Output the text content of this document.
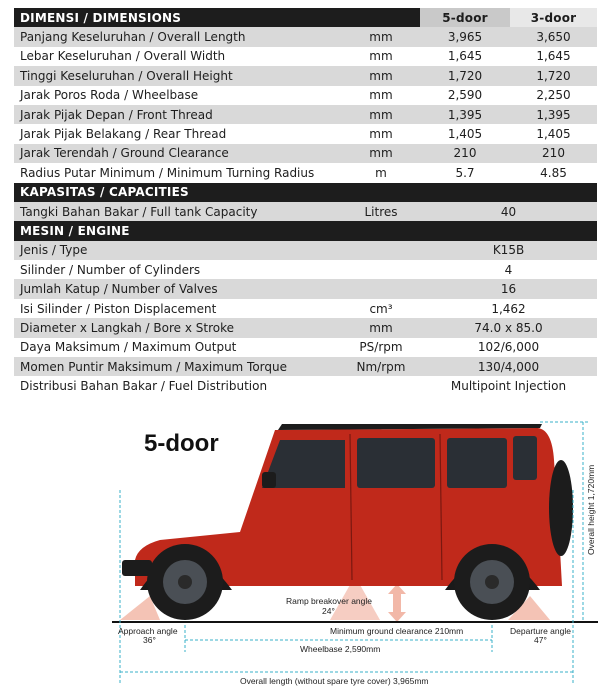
DIMENSI / DIMENSIONS	5-door	3-door
Panjang Keseluruhan / Overall Length	mm	3,965	3,650
Lebar Keseluruhan / Overall Width	mm	1,645	1,645
Tinggi Keseluruhan / Overall Height	mm	1,720	1,720
Jarak Poros Roda / Wheelbase	mm	2,590	2,250
Jarak Pijak Depan / Front Thread	mm	1,395	1,395
Jarak Pijak Belakang / Rear Thread	mm	1,405	1,405
Jarak Terendah / Ground Clearance	mm	210	210
Radius Putar Minimum / Minimum Turning Radius	m	5.7	4.85
KAPASITAS / CAPACITIES
Tangki Bahan Bakar / Full tank Capacity	Litres	40
MESIN / ENGINE
Jenis / Type	K15B
Silinder / Number of Cylinders	4
Jumlah Katup / Number of Valves	16
Isi Silinder / Piston Displacement	cm³	1,462
Diameter x Langkah / Bore x Stroke	mm	74.0 x 85.0
Daya Maksimum / Maximum Output	PS/rpm	102/6,000
Momen Puntir Maksimum / Maximum Torque	Nm/rpm	130/4,000
Distribusi Bahan Bakar / Fuel Distribution	Multipoint Injection
5-door
Overall height 1,720mm
Ramp breakover angle
24°
Approach angle
36°
Minimum ground clearance 210mm	Departure angle
47°
Wheelbase 2,590mm
Overall length (without spare tyre cover) 3,965mm
